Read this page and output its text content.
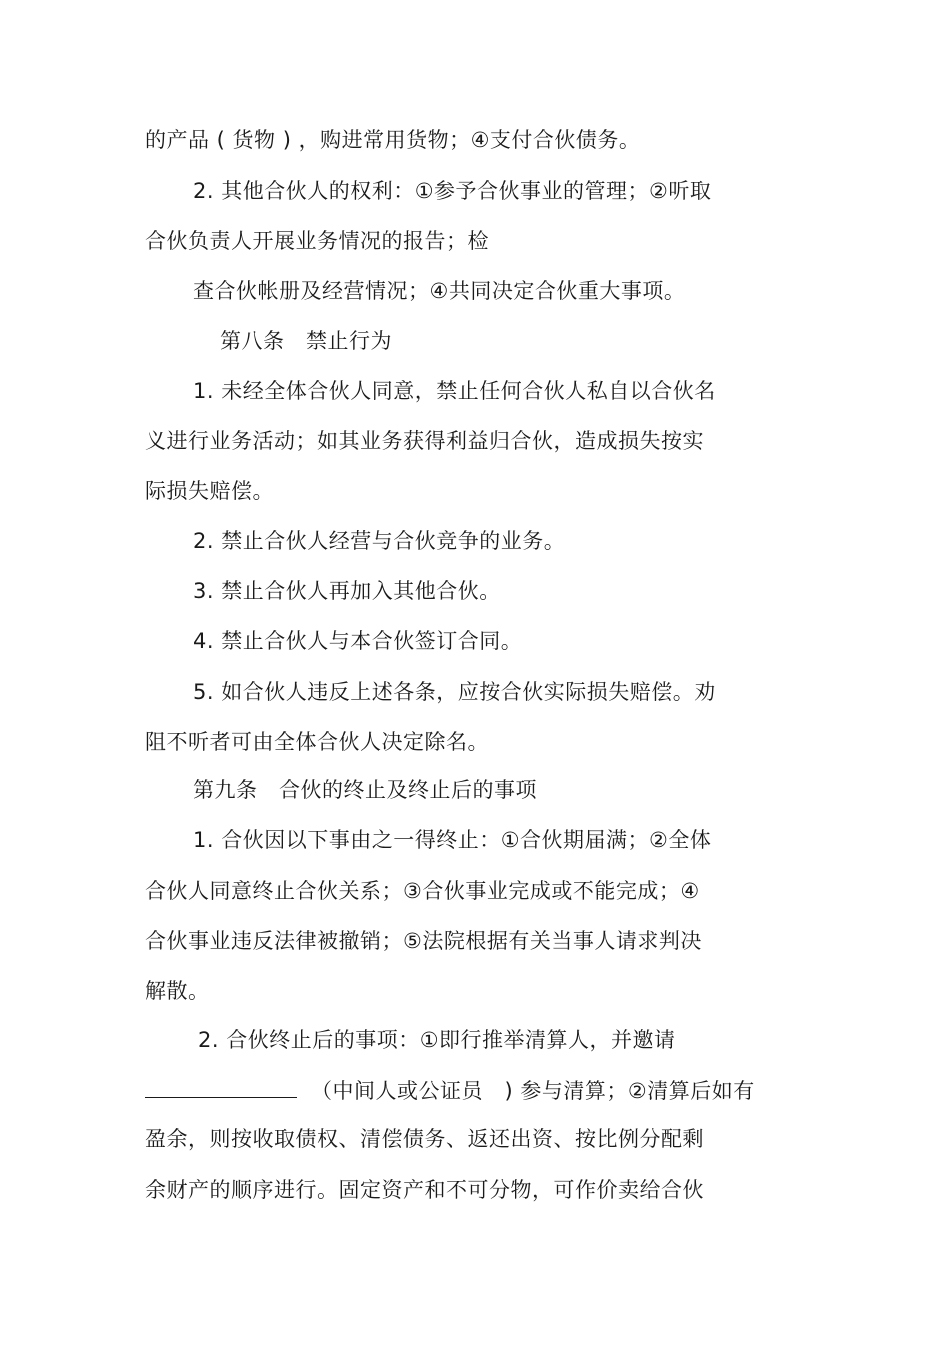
的产品 ( 货物 ) ，购进常用货物；④支付合伙债务。
2. 其他合伙人的权利：①参予合伙事业的管理；②听取
合伙负责人开展业务情况的报告；检
查合伙帐册及经营情况；④共同决定合伙重大事项。
第八条　禁止行为
1. 未经全体合伙人同意，禁止任何合伙人私自以合伙名
义进行业务活动；如其业务获得利益归合伙，造成损失按实
际损失赔偿。
2. 禁止合伙人经营与合伙竞争的业务。
3. 禁止合伙人再加入其他合伙。
4. 禁止合伙人与本合伙签订合同。
5. 如合伙人违反上述各条，应按合伙实际损失赔偿。劝
阻不听者可由全体合伙人决定除名。
第九条　合伙的终止及终止后的事项
1. 合伙因以下事由之一得终止：①合伙期届满；②全体
合伙人同意终止合伙关系；③合伙事业完成或不能完成；④
合伙事业违反法律被撤销；⑤法院根据有关当事人请求判决
解散。
2. 合伙终止后的事项：①即行推举清算人，并邀请
（中间人或公证员　) 参与清算；②清算后如有
盈余，则按收取债权、清偿债务、返还出资、按比例分配剩
余财产的顺序进行。固定资产和不可分物，可作价卖给合伙
